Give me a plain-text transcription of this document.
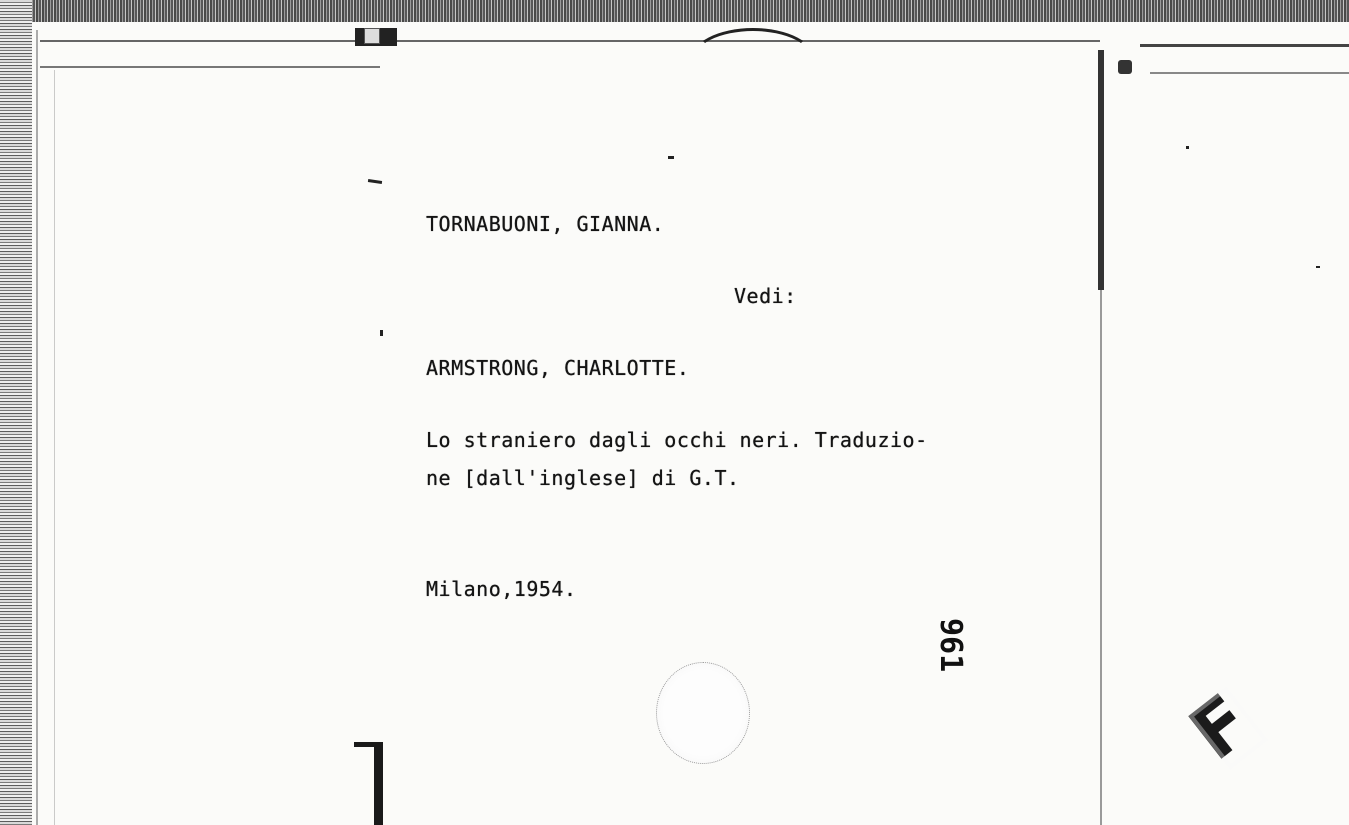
TORNABUONI, GIANNA.

Vedi:

ARMSTRONG, CHARLOTTE.

Lo straniero dagli occhi neri. Traduzio-

ne [dall'inglese] di G.T.

Milano,1954.

961
F
